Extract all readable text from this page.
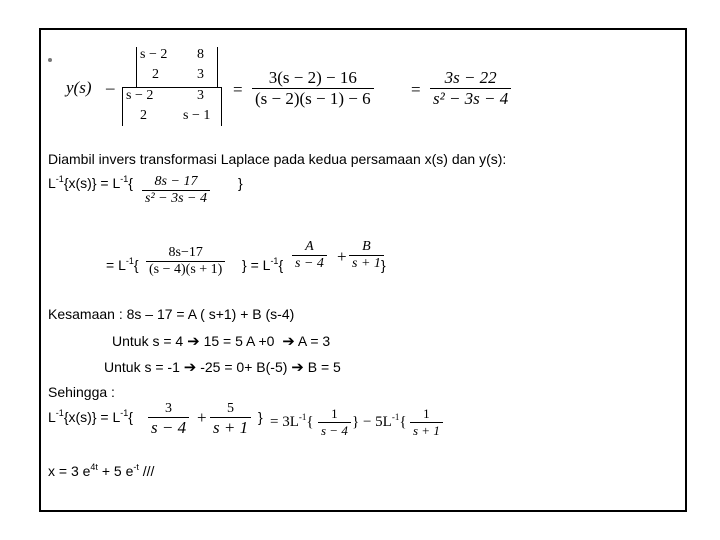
y(s) –
s − 2 8
2	3
s − 2	3
2	s − 1
= $\frac{3(s - 2) - 16}{(s - 2)(s - 1) - 6} = \frac{3s - 22}{\text{s² − 3s − 4}}$
Diambil invers transformasi Laplace pada kedua persamaan x(s) dan y(s):
$L^{-1}\{x(s)\} = L^{-1}\{ \frac{8s - 17}{\text{s² − 3s − 4}}$ }
= $L^{-1}\{ \frac{8s-17}{(s - 4)(s + 1)}$ } = $L^{-1}\{ \frac{A}{s - 4} + \frac{B}{s + 1}$
}
Kesamaan : 8s – 17 = A ( s+1) + B (s-4)
Untuk s = 4 ➔ 15 = 5 A +0 ➔ A = 3
Untuk s = -1 ➔ -25 = 0+ B(-5) ➔ B = 5
Sehingga :
$L^{-1}\{x(s)\} = L^{-1}${
3
s − 4
+ 5
s + 1
} = $3L^{-1}\{ \frac{1}{s - 4}$ } − $5L^{-1}\{ \frac{1}{s + 1}$
x = 3 $e^{4t} + 5$ $e^{-t}$ ///
